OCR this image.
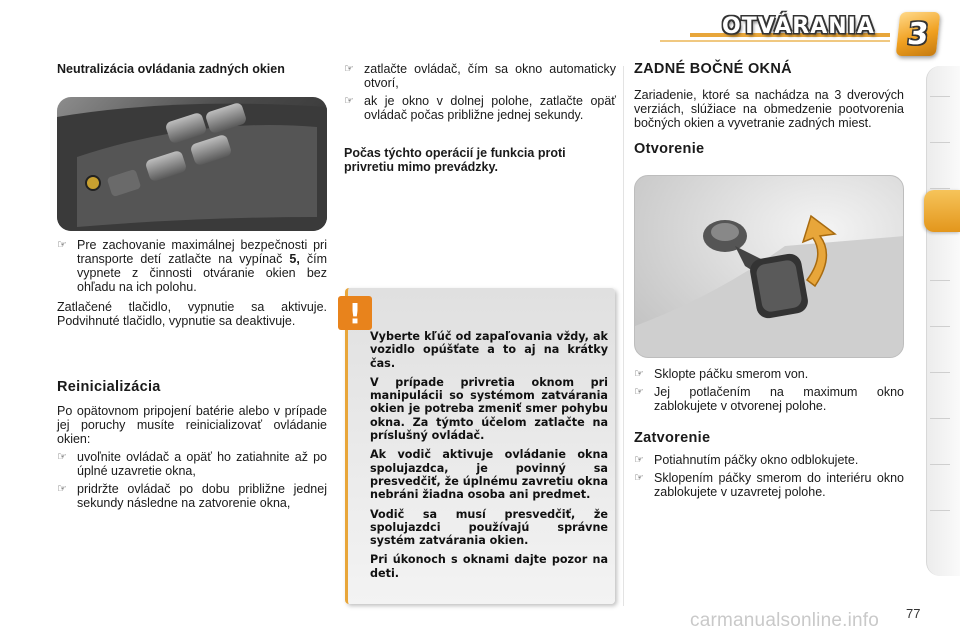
OTVÁRANIA 3
Neutralizácia ovládania zadných okien
☞ Pre zachovanie maximálnej bezpečnosti pri transporte detí zatlačte na vypínač 5, čím vypnete z činnosti otváranie okien bez ohľadu na ich polohu.

Zatlačené tlačidlo, vypnutie sa aktivuje. Podvihnuté tlačidlo, vypnutie sa deaktivuje.

Reinicializácia

Po opätovnom pripojení batérie alebo v prípade jej poruchy musíte reinicializovať ovládanie okien:

☞ uvoľnite ovládač a opäť ho zatiahnite až po úplné uzavretie okna,
☞ pridržte ovládač po dobu približne jednej sekundy následne na zatvorenie okna,
☞ zatlačte ovládač, čím sa okno automaticky otvorí,
☞ ak je okno v dolnej polohe, zatlačte opäť ovládač počas približne jednej sekundy.

Počas týchto operácií je funkcia proti privretiu mimo prevádzky.

!

Vyberte kľúč od zapaľovania vždy, ak vozidlo opúšťate a to aj na krátky čas.

V prípade privretia oknom pri manipulácii so systémom zatvárania okien je potreba zmeniť smer pohybu okna. Za týmto účelom zatlačte na príslušný ovládač.

Ak vodič aktivuje ovládanie okna spolujazdca, je povinný sa presvedčiť, že úplnému zavretiu okna nebráni žiadna osoba ani predmet.

Vodič sa musí presvedčiť, že spolujazdci používajú správne systém zatvárania okien.

Pri úkonoch s oknami dajte pozor na deti.

ZADNÉ BOČNÉ OKNÁ

Zariadenie, ktoré sa nachádza na 3 dverových verziách, slúžiace na obmedzenie pootvorenia bočných okien a vyvetranie zadných miest.

Otvorenie
☞ Sklopte páčku smerom von.
☞ Jej potlačením na maximum okno zablokujete v otvorenej polohe.
Zatvorenie
☞ Potiahnutím páčky okno odblokujete.
☞ Sklopením páčky smerom do interiéru okno zablokujete v uzavretej polohe.
carmanualsonline.info 77
